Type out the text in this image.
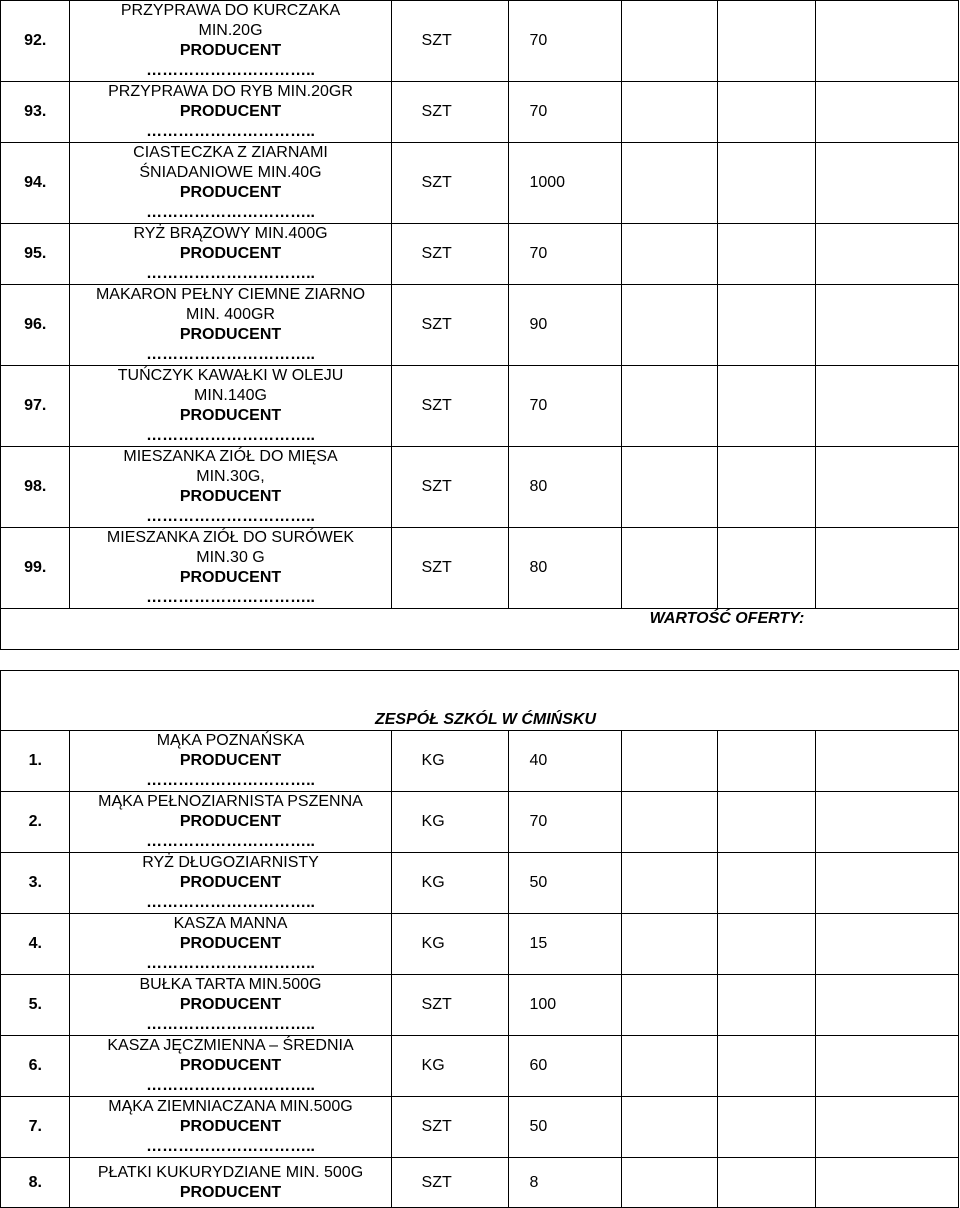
92.	PRZYPRAWA DO KURCZAKA
MIN.20G
PRODUCENT
…………………………..	SZT	70			
93.	PRZYPRAWA DO RYB MIN.20GR
PRODUCENT
…………………………..	SZT	70			
94.	CIASTECZKA Z ZIARNAMI
ŚNIADANIOWE MIN.40G
PRODUCENT
…………………………..	SZT	1000			
95.	RYŻ BRĄZOWY MIN.400G
PRODUCENT
…………………………..	SZT	70			
96.	MAKARON PEŁNY CIEMNE ZIARNO
MIN. 400GR
PRODUCENT
…………………………..	SZT	90			
97.	TUŃCZYK KAWAŁKI W OLEJU
MIN.140G
PRODUCENT
…………………………..	SZT	70			
98.	MIESZANKA ZIÓŁ DO MIĘSA
MIN.30G,
PRODUCENT
…………………………..	SZT	80			
99.	MIESZANKA ZIÓŁ DO SURÓWEK
MIN.30 G
PRODUCENT
…………………………..	SZT	80			
				WARTOŚĆ OFERTY:		
ZESPÓŁ SZKÓL W ĆMIŃSKU						
1.	MĄKA POZNAŃSKA
PRODUCENT
…………………………..	KG	40			
2.	MĄKA PEŁNOZIARNISTA PSZENNA
PRODUCENT
…………………………..	KG	70			
3.	RYŻ DŁUGOZIARNISTY
PRODUCENT
…………………………..	KG	50			
4.	KASZA MANNA
PRODUCENT
…………………………..	KG	15			
5.	BUŁKA TARTA MIN.500G
PRODUCENT
…………………………..	SZT	100			
6.	KASZA JĘCZMIENNA – ŚREDNIA
PRODUCENT
…………………………..	KG	60			
7.	MĄKA ZIEMNIACZANA MIN.500G
PRODUCENT
…………………………..	SZT	50			
8.	PŁATKI KUKURYDZIANE MIN. 500G
PRODUCENT	SZT	8			
